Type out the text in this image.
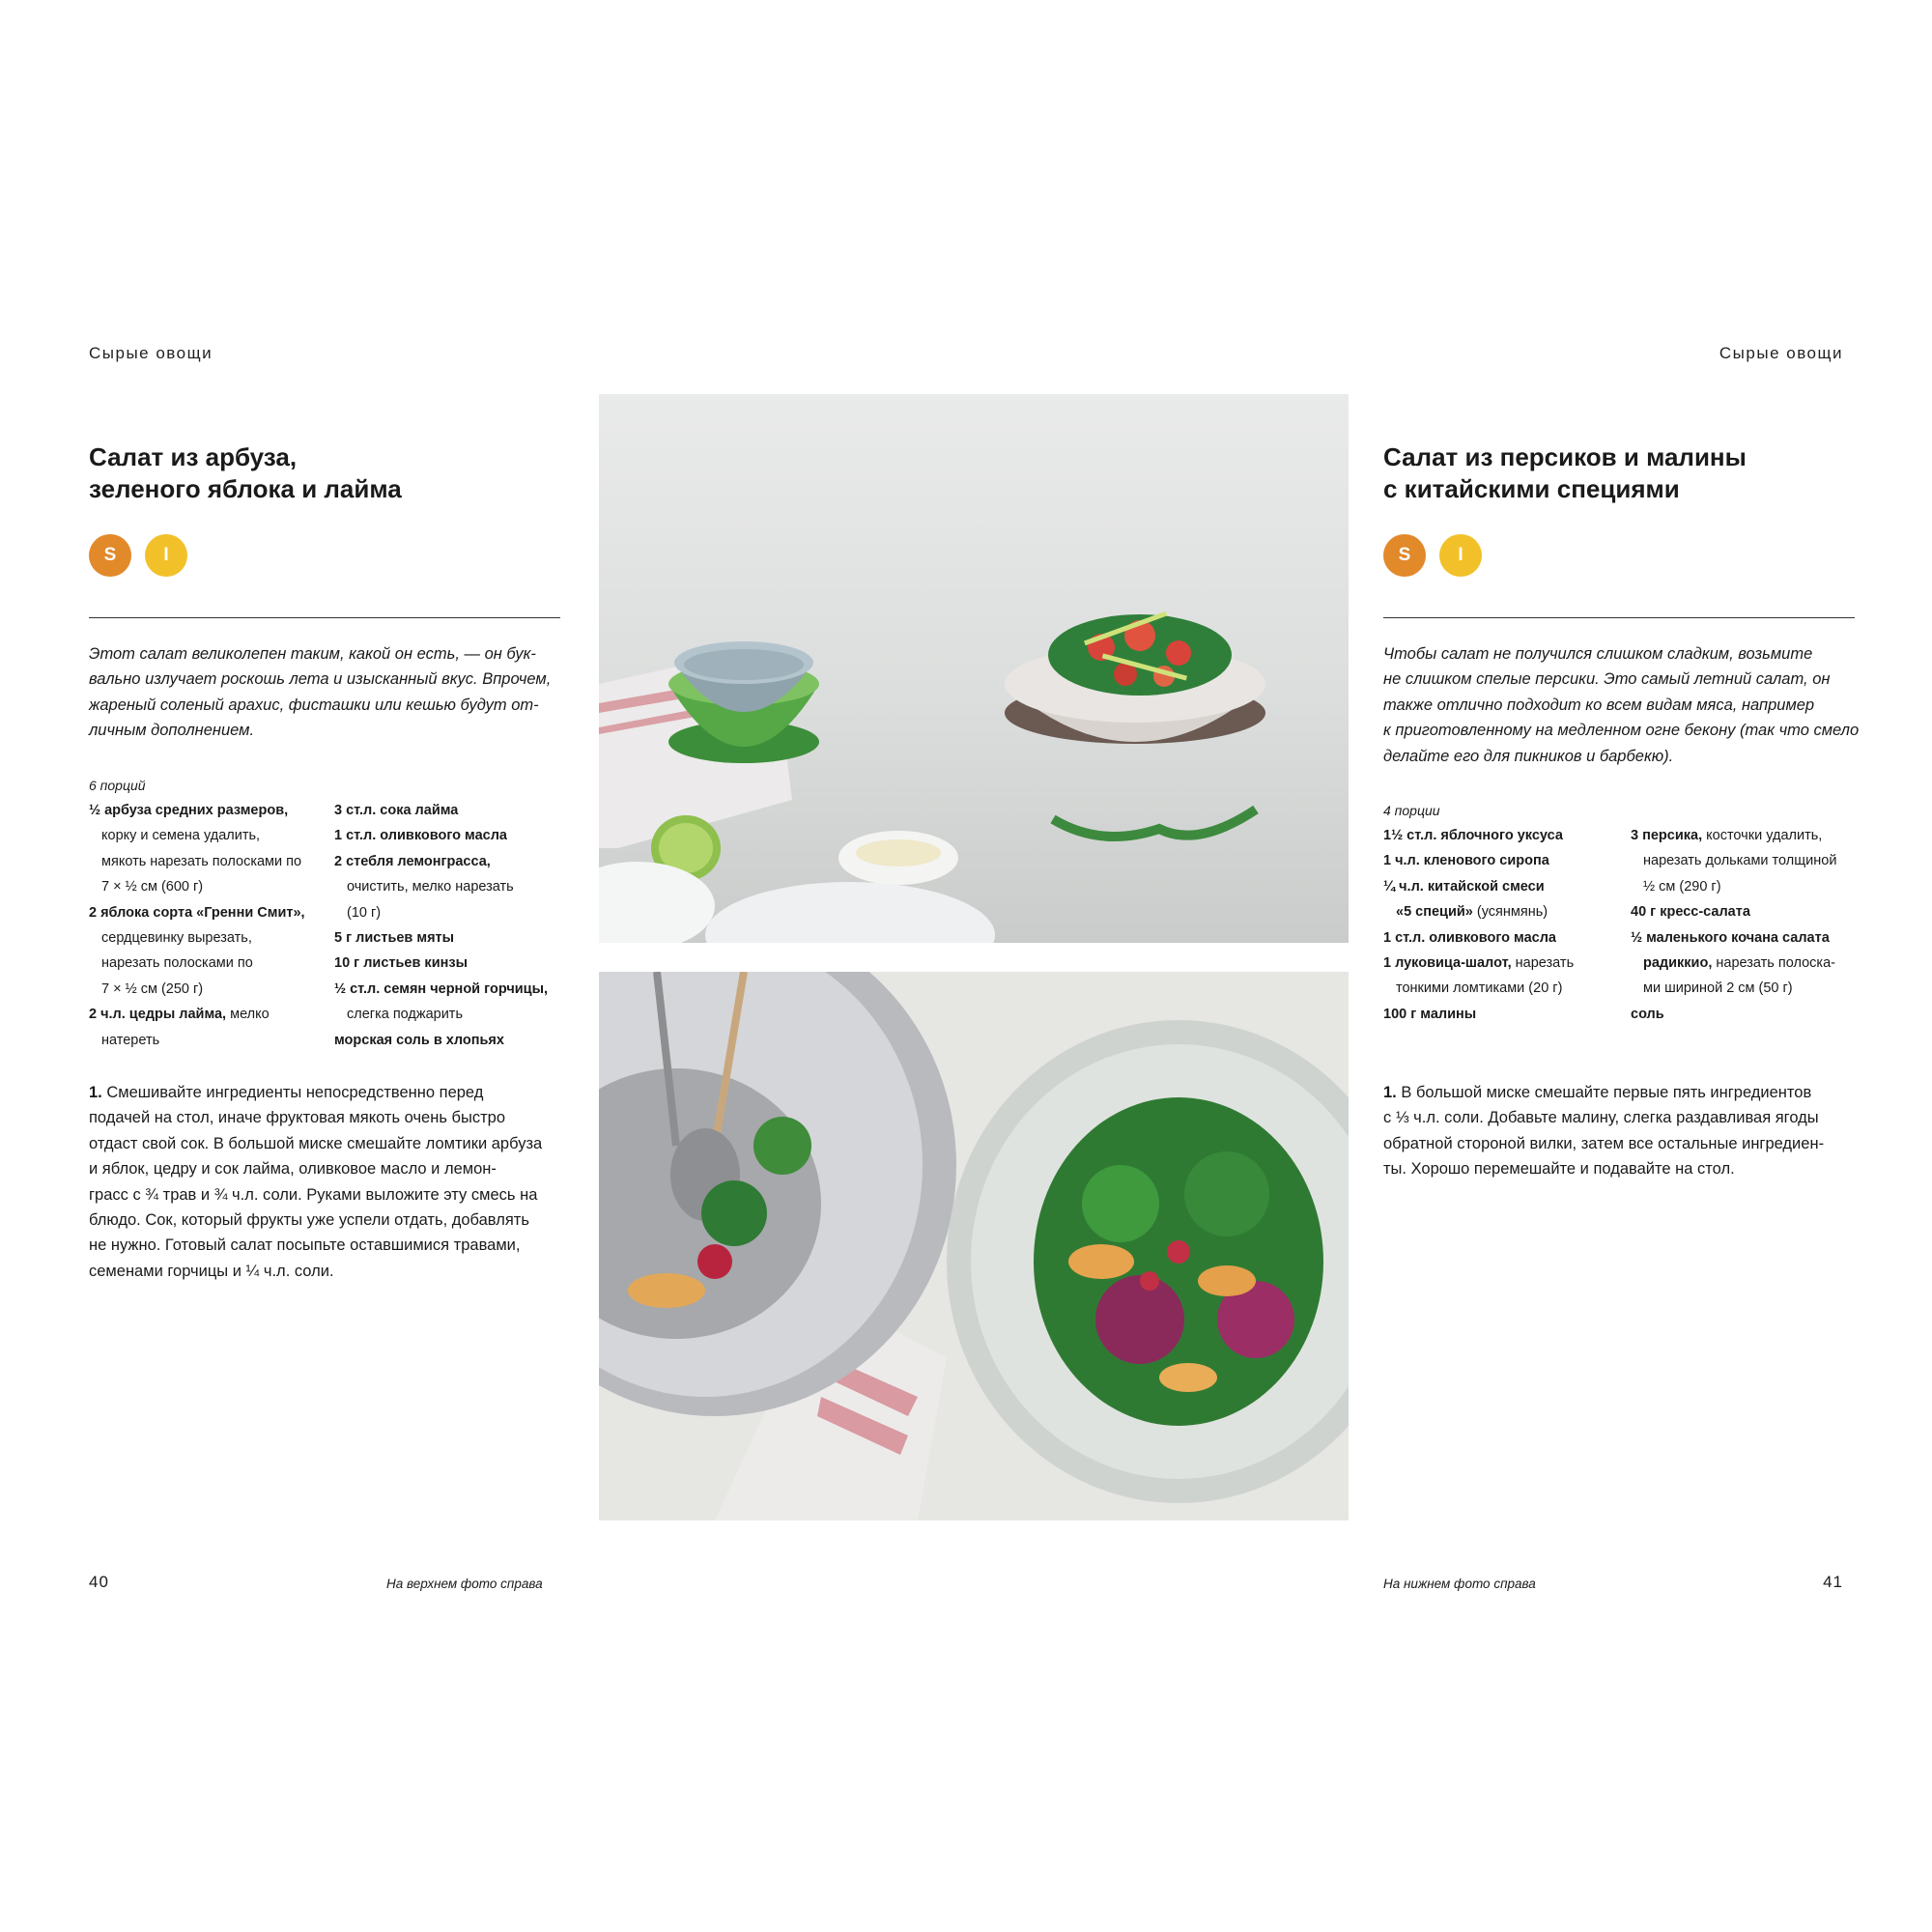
Сырые овощи
Салат из арбуза,
зеленого яблока и лайма
S	I

Этот салат великолепен таким, какой он есть, — он бук-
вально излучает роскошь лета и изысканный вкус. Впрочем,
жареный соленый арахис, фисташки или кешью будут от-
личным дополнением.

6 порций
½ арбуза средних размеров,
корку и семена удалить,
мякоть нарезать полосками по
7 × ½ см (600 г)
2 яблока сорта «Гренни Смит»,
сердцевинку вырезать,
нарезать полосками по
7 × ½ см (250 г)
2 ч.л. цедры лайма, мелко
натереть
3 ст.л. сока лайма
1 ст.л. оливкового масла
2 стебля лемонграсса,
очистить, мелко нарезать
(10 г)
5 г листьев мяты
10 г листьев кинзы
½ ст.л. семян черной горчицы,
слегка поджарить
морская соль в хлопьях

1. Смешивайте ингредиенты непосредственно перед
подачей на стол, иначе фруктовая мякоть очень быстро
отдаст свой сок. В большой миске смешайте ломтики арбуза
и яблок, цедру и сок лайма, оливковое масло и лемон-
грасс с ¾ трав и ¾ ч.л. соли. Руками выложите эту смесь на
блюдо. Сок, который фрукты уже успели отдать, добавлять
не нужно. Готовый салат посыпьте оставшимися травами,
семенами горчицы и ¼ ч.л. соли.

40	На верхнем фото справа
Сырые овощи
Салат из персиков и малины
с китайскими специями
S	I

Чтобы салат не получился слишком сладким, возьмите
не слишком спелые персики. Это самый летний салат, он
также отлично подходит ко всем видам мяса, например
к приготовленному на медленном огне бекону (так что смело
делайте его для пикников и барбекю).

4 порции
1½ ст.л. яблочного уксуса
1 ч.л. кленового сиропа
¼ ч.л. китайской смеси
«5 специй» (усянмянь)
1 ст.л. оливкового масла
1 луковица-шалот, нарезать
тонкими ломтиками (20 г)
100 г малины
3 персика, косточки удалить,
нарезать дольками толщиной
½ см (290 г)
40 г кресс-салата
½ маленького кочана салата
радиккио, нарезать полоска-
ми шириной 2 см (50 г)
соль

1. В большой миске смешайте первые пять ингредиентов
с ⅓ ч.л. соли. Добавьте малину, слегка раздавливая ягоды
обратной стороной вилки, затем все остальные ингредиен-
ты. Хорошо перемешайте и подавайте на стол.

На нижнем фото справа	41
